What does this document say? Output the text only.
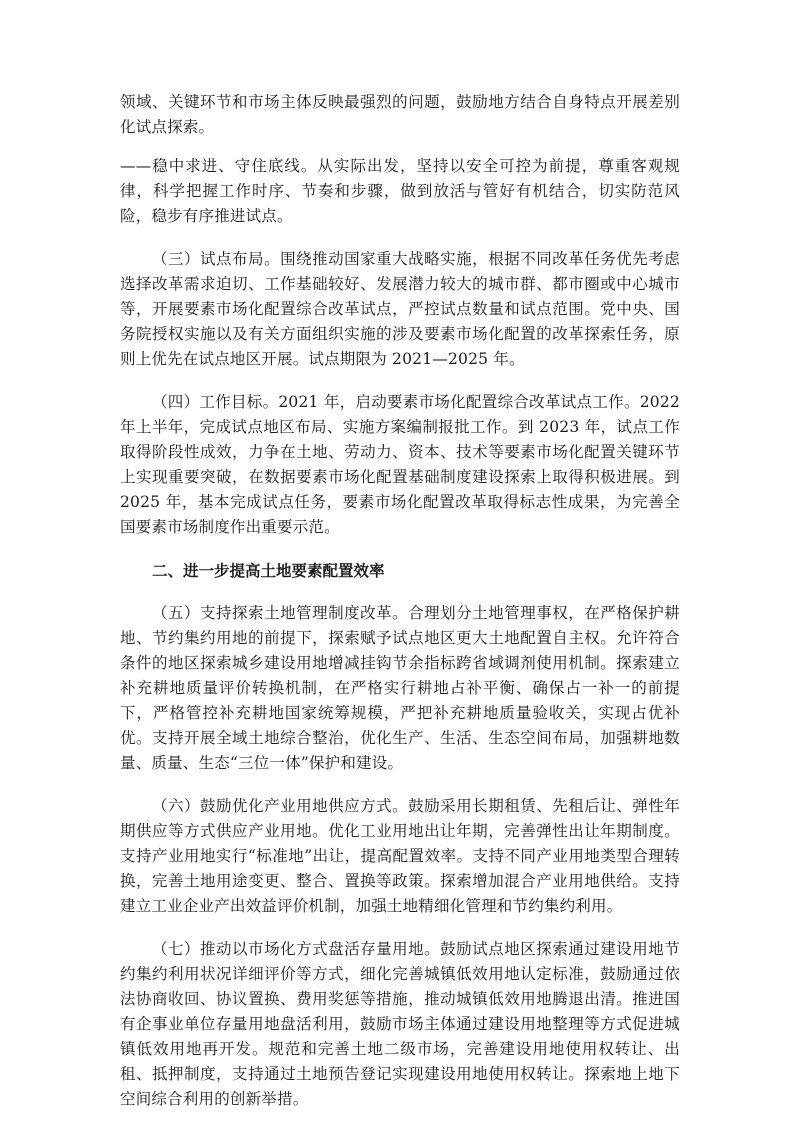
领域、关键环节和市场主体反映最强烈的问题，鼓励地方结合自身特点开展差别化试点探索。

——稳中求进、守住底线。从实际出发，坚持以安全可控为前提，尊重客观规律，科学把握工作时序、节奏和步骤，做到放活与管好有机结合，切实防范风险，稳步有序推进试点。

（三）试点布局。围绕推动国家重大战略实施，根据不同改革任务优先考虑选择改革需求迫切、工作基础较好、发展潜力较大的城市群、都市圈或中心城市等，开展要素市场化配置综合改革试点，严控试点数量和试点范围。党中央、国务院授权实施以及有关方面组织实施的涉及要素市场化配置的改革探索任务，原则上优先在试点地区开展。试点期限为 2021—2025 年。

（四）工作目标。2021 年，启动要素市场化配置综合改革试点工作。2022 年上半年，完成试点地区布局、实施方案编制报批工作。到 2023 年，试点工作取得阶段性成效，力争在土地、劳动力、资本、技术等要素市场化配置关键环节上实现重要突破，在数据要素市场化配置基础制度建设探索上取得积极进展。到 2025 年，基本完成试点任务，要素市场化配置改革取得标志性成果，为完善全国要素市场制度作出重要示范。

二、进一步提高土地要素配置效率

（五）支持探索土地管理制度改革。合理划分土地管理事权，在严格保护耕地、节约集约用地的前提下，探索赋予试点地区更大土地配置自主权。允许符合条件的地区探索城乡建设用地增减挂钩节余指标跨省域调剂使用机制。探索建立补充耕地质量评价转换机制，在严格实行耕地占补平衡、确保占一补一的前提下，严格管控补充耕地国家统筹规模，严把补充耕地质量验收关，实现占优补优。支持开展全域土地综合整治，优化生产、生活、生态空间布局，加强耕地数量、质量、生态“三位一体”保护和建设。

（六）鼓励优化产业用地供应方式。鼓励采用长期租赁、先租后让、弹性年期供应等方式供应产业用地。优化工业用地出让年期，完善弹性出让年期制度。支持产业用地实行“标准地”出让，提高配置效率。支持不同产业用地类型合理转换，完善土地用途变更、整合、置换等政策。探索增加混合产业用地供给。支持建立工业企业产出效益评价机制，加强土地精细化管理和节约集约利用。

（七）推动以市场化方式盘活存量用地。鼓励试点地区探索通过建设用地节约集约利用状况详细评价等方式，细化完善城镇低效用地认定标准，鼓励通过依法协商收回、协议置换、费用奖惩等措施，推动城镇低效用地腾退出清。推进国有企事业单位存量用地盘活利用，鼓励市场主体通过建设用地整理等方式促进城镇低效用地再开发。规范和完善土地二级市场，完善建设用地使用权转让、出租、抵押制度，支持通过土地预告登记实现建设用地使用权转让。探索地上地下空间综合利用的创新举措。
